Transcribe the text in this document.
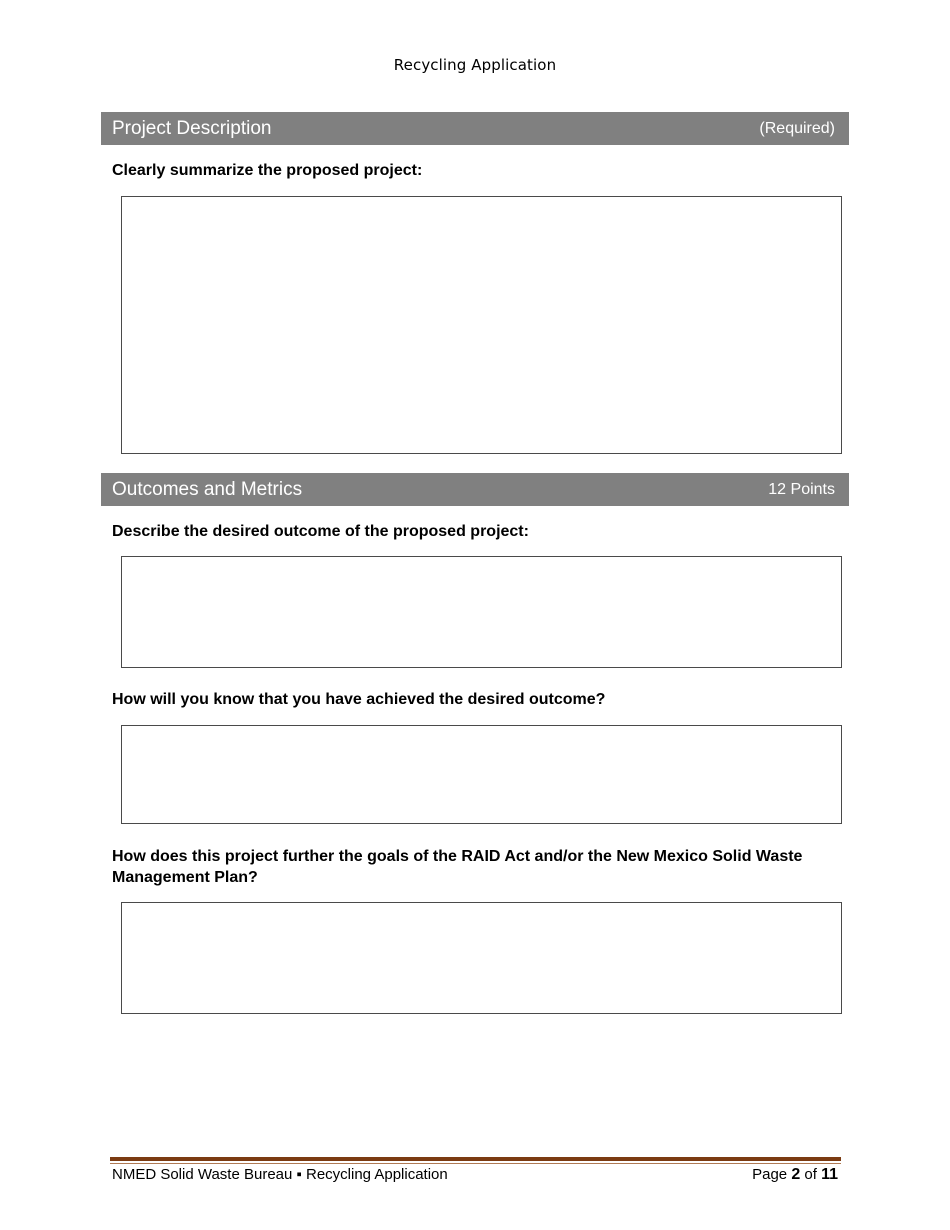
Recycling Application
Project Description	(Required)
Clearly summarize the proposed project:
Outcomes and Metrics	12 Points
Describe the desired outcome of the proposed project:
How will you know that you have achieved the desired outcome?
How does this project further the goals of the RAID Act and/or the New Mexico Solid Waste Management Plan?
NMED Solid Waste Bureau ▪ Recycling Application	Page 2 of 11
